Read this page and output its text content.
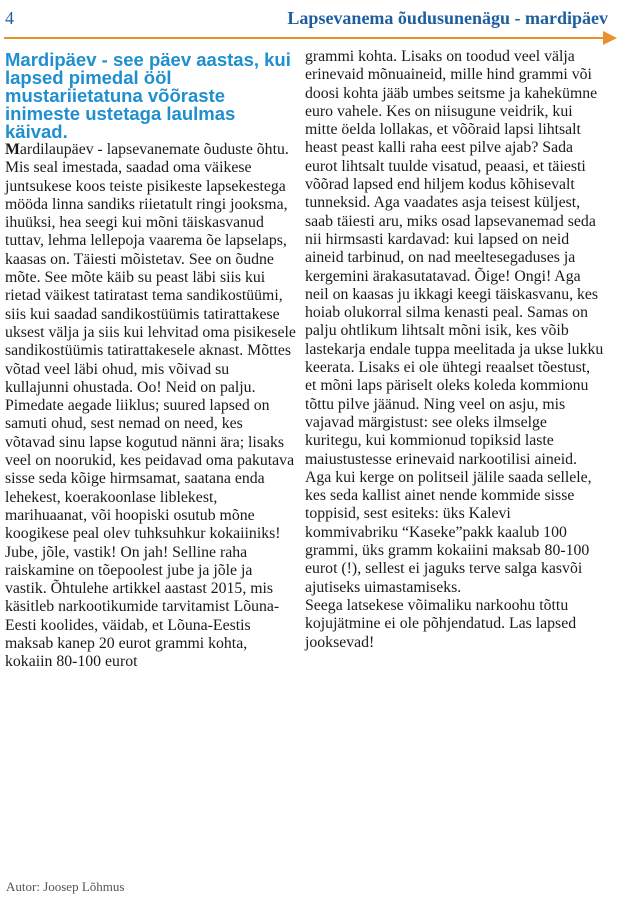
4	Lapsevanema õudusunenägu - mardipäev
Mardipäev - see päev aastas, kui lapsed pimedal ööl mustariietatuna võõraste inimeste ustetaga laulmas käivad.

Mardilaupäev - lapsevanemate õuduste õhtu. Mis seal imestada, saadad oma väikese juntsukese koos teiste pisikeste lapsekestega mööda linna sandiks riietatult ringi jooksma, ihuüksi, hea seegi kui mõni täiskasvanud tuttav, lehma lellepoja vaarema õe lapselaps, kaasas on. Täiesti mõistetav. See on õudne mõte. See mõte käib su peast läbi siis kui rietad väikest tatiratast tema sandikostüümi, siis kui saadad sandikostüümis tatirattakese uksest välja ja siis kui lehvitad oma pisikesele sandikostüümis tatirattakesele aknast. Mõttes võtad veel läbi ohud, mis võivad su kullajunni ohustada. Oo! Neid on palju. Pimedate aegade liiklus; suured lapsed on samuti ohud, sest nemad on need, kes võtavad sinu lapse kogutud nänni ära; lisaks veel on noorukid, kes peidavad oma pakutava sisse seda kõige hirmsamat, saatana enda lehekest, koerakoonlase liblekest, marihuaanat, või hoopiski osutub mõne koogikese peal olev tuhksuhkur kokaiiniks!

Jube, jõle, vastik! On jah! Selline raha raiskamine on tõepoolest jube ja jõle ja vastik. Õhtulehe artikkel aastast 2015, mis käsitleb narkootikumide tarvitamist Lõuna-Eesti koolides, väidab, et Lõuna-Eestis maksab kanep 20 eurot grammi kohta, kokaiin 80-100 eurot

grammi kohta. Lisaks on toodud veel välja erinevaid mõnuaineid, mille hind grammi või doosi kohta jääb umbes seitsme ja kahekümne euro vahele. Kes on niisugune veidrik, kui mitte öelda lollakas, et võõraid lapsi lihtsalt heast peast kalli raha eest pilve ajab? Sada eurot lihtsalt tuulde visatud, peaasi, et täiesti võõrad lapsed end hiljem kodus kõhisevalt tunneksid. Aga vaadates asja teisest küljest, saab täiesti aru, miks osad lapsevanemad seda nii hirmsasti kardavad: kui lapsed on neid aineid tarbinud, on nad meeltesegaduses ja kergemini ärakasutatavad. Õige! Ongi! Aga neil on kaasas ju ikkagi keegi täiskasvanu, kes hoiab olukorral silma kenasti peal. Samas on palju ohtlikum lihtsalt mõni isik, kes võib lastekarja endale tuppa meelitada ja ukse lukku keerata. Lisaks ei ole ühtegi reaalset tõestust, et mõni laps päriselt oleks koleda kommionu tõttu pilve jäänud. Ning veel on asju, mis vajavad märgistust: see oleks ilmselge kuritegu, kui kommionud topiksid laste maiustustesse erinevaid narkootilisi aineid. Aga kui kerge on politseil jälile saada sellele, kes seda kallist ainet nende kommide sisse toppisid, sest esiteks: üks Kalevi kommivabriku “Kaseke”pakk kaalub 100 grammi, üks gramm kokaiini maksab 80-100 eurot (!), sellest ei jaguks terve salga kasvõi ajutiseks uimastamiseks.

Seega latsekese võimaliku narkoohu tõttu kojujätmine ei ole põhjendatud. Las lapsed jooksevad!

Autor: Joosep Lõhmus
